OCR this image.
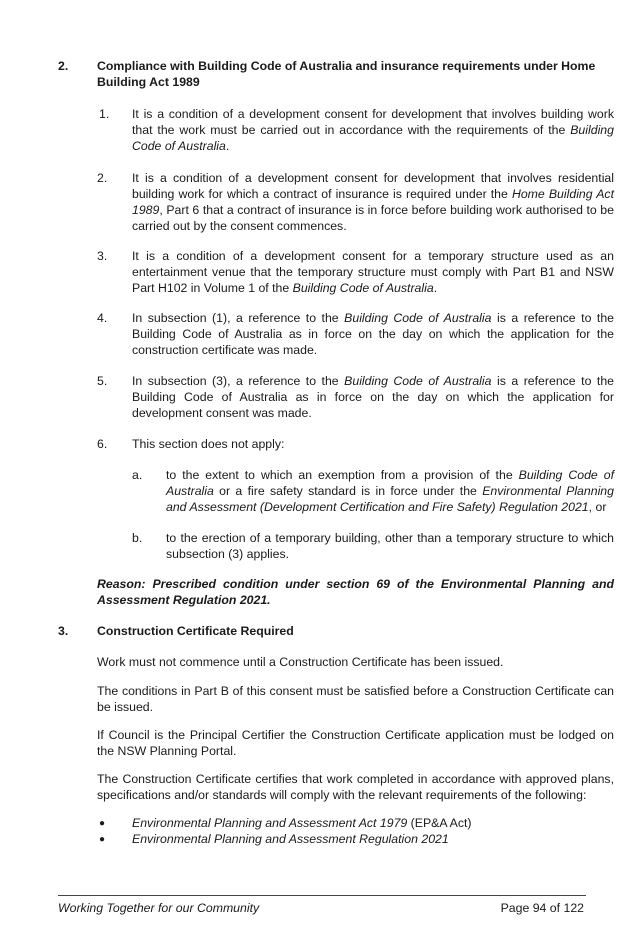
2. Compliance with Building Code of Australia and insurance requirements under Home Building Act 1989
1. It is a condition of a development consent for development that involves building work that the work must be carried out in accordance with the requirements of the Building Code of Australia.
2. It is a condition of a development consent for development that involves residential building work for which a contract of insurance is required under the Home Building Act 1989, Part 6 that a contract of insurance is in force before building work authorised to be carried out by the consent commences.
3. It is a condition of a development consent for a temporary structure used as an entertainment venue that the temporary structure must comply with Part B1 and NSW Part H102 in Volume 1 of the Building Code of Australia.
4. In subsection (1), a reference to the Building Code of Australia is a reference to the Building Code of Australia as in force on the day on which the application for the construction certificate was made.
5. In subsection (3), a reference to the Building Code of Australia is a reference to the Building Code of Australia as in force on the day on which the application for development consent was made.
6. This section does not apply:
a. to the extent to which an exemption from a provision of the Building Code of Australia or a fire safety standard is in force under the Environmental Planning and Assessment (Development Certification and Fire Safety) Regulation 2021, or
b. to the erection of a temporary building, other than a temporary structure to which subsection (3) applies.
Reason: Prescribed condition under section 69 of the Environmental Planning and Assessment Regulation 2021.
3. Construction Certificate Required
Work must not commence until a Construction Certificate has been issued.
The conditions in Part B of this consent must be satisfied before a Construction Certificate can be issued.
If Council is the Principal Certifier the Construction Certificate application must be lodged on the NSW Planning Portal.
The Construction Certificate certifies that work completed in accordance with approved plans, specifications and/or standards will comply with the relevant requirements of the following:
● Environmental Planning and Assessment Act 1979 (EP&A Act)
● Environmental Planning and Assessment Regulation 2021
Working Together for our Community	Page 94 of 122
